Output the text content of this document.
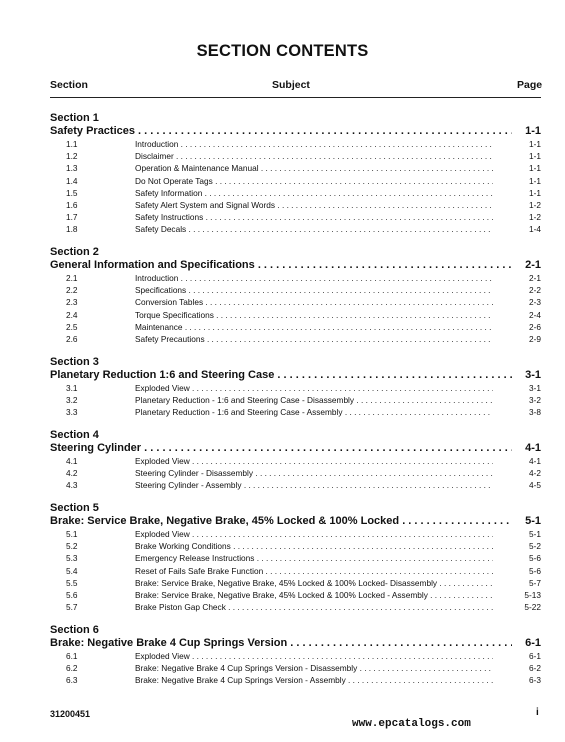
SECTION CONTENTS
Section	Subject	Page
Section 1
Safety Practices . . .	1-1
1.1	Introduction . . .	1-1
1.2	Disclaimer . . .	1-1
1.3	Operation & Maintenance Manual . . .	1-1
1.4	Do Not Operate Tags . . .	1-1
1.5	Safety Information . . .	1-1
1.6	Safety Alert System and Signal Words . . .	1-2
1.7	Safety Instructions . . .	1-2
1.8	Safety Decals . . .	1-4
Section 2
General Information and Specifications . . .	2-1
2.1	Introduction . . .	2-1
2.2	Specifications . . .	2-2
2.3	Conversion Tables . . .	2-3
2.4	Torque Specifications . . .	2-4
2.5	Maintenance . . .	2-6
2.6	Safety Precautions . . .	2-9
Section 3
Planetary Reduction 1:6 and Steering Case . . .	3-1
3.1	Exploded View . . .	3-1
3.2	Planetary Reduction - 1:6 and Steering Case - Disassembly . . .	3-2
3.3	Planetary Reduction - 1:6 and Steering Case - Assembly . . .	3-8
Section 4
Steering Cylinder . . .	4-1
4.1	Exploded View . . .	4-1
4.2	Steering Cylinder - Disassembly . . .	4-2
4.3	Steering Cylinder - Assembly . . .	4-5
Section 5
Brake: Service Brake, Negative Brake, 45% Locked & 100% Locked . . .	5-1
5.1	Exploded View . . .	5-1
5.2	Brake Working Conditions . . .	5-2
5.3	Emergency Release Instructions . . .	5-6
5.4	Reset of Fails Safe Brake Function . . .	5-6
5.5	Brake: Service Brake, Negative Brake, 45% Locked & 100% Locked- Disassembly . . .	5-7
5.6	Brake: Service Brake, Negative Brake, 45% Locked & 100% Locked - Assembly . . .	5-13
5.7	Brake Piston Gap Check . . .	5-22
Section 6
Brake: Negative Brake 4 Cup Springs Version . . .	6-1
6.1	Exploded View . . .	6-1
6.2	Brake: Negative Brake 4 Cup Springs Version - Disassembly . . .	6-2
6.3	Brake: Negative Brake 4 Cup Springs Version - Assembly . . .	6-3
31200451	i
www.epcatalogs.com
